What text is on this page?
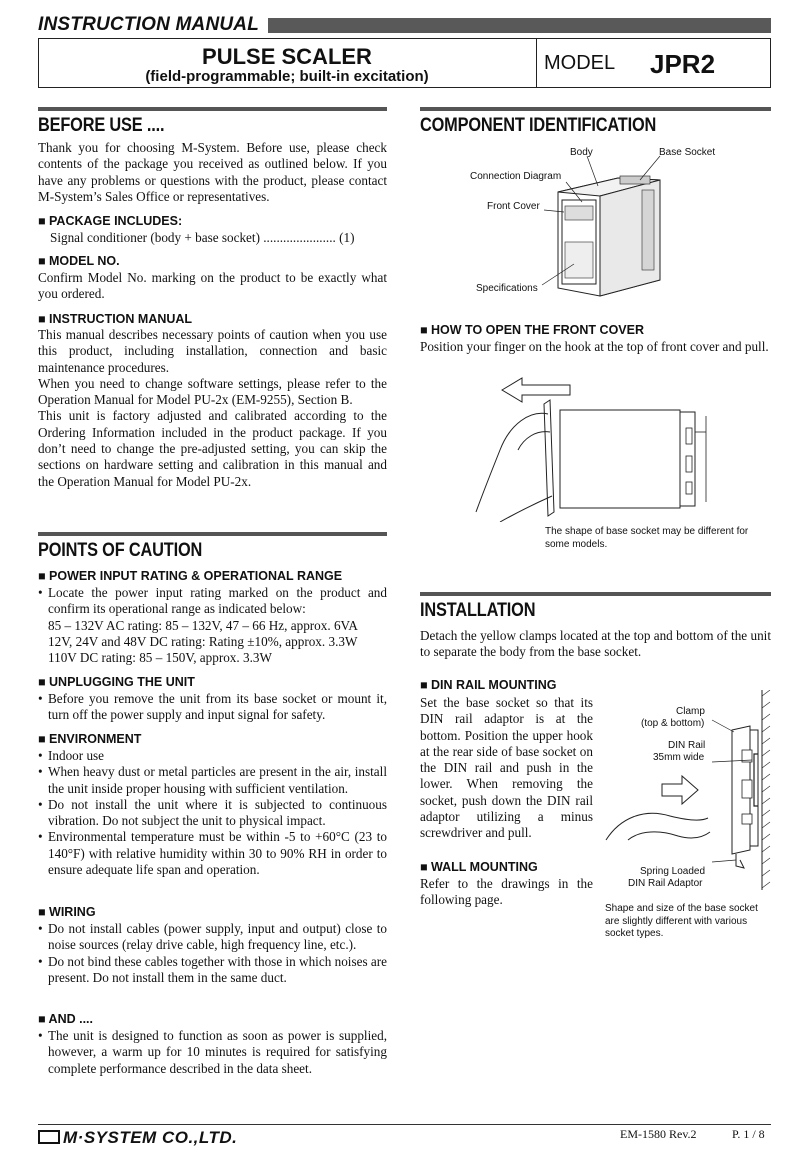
INSTRUCTION MANUAL
PULSE SCALER
(field-programmable; built-in excitation)
MODEL JPR2
BEFORE USE ....
Thank you for choosing M-System. Before use, please check contents of the package you received as outlined below. If you have any problems or questions with the product, please contact M-System’s Sales Office or representatives.
■ PACKAGE INCLUDES:
Signal conditioner (body + base socket) ...................... (1)
■ MODEL NO.
Confirm Model No. marking on the product to be exactly what you ordered.
■ INSTRUCTION MANUAL

This manual describes necessary points of caution when you use this product, including installation, connection and basic maintenance procedures.

When you need to change software settings, please refer to the Operation Manual for Model PU-2x (EM-9255), Section B.

This unit is factory adjusted and calibrated according to the Ordering Information included in the product package. If you don’t need to change the pre-adjusted setting, you can skip the sections on hardware setting and calibration in this manual and the Operation Manual for Model PU-2x.

POINTS OF CAUTION
■ POWER INPUT RATING & OPERATIONAL RANGE

• Locate the power input rating marked on the product and confirm its operational range as indicated below:

85 – 132V AC rating: 85 – 132V, 47 – 66 Hz, approx. 6VA

12V, 24V and 48V DC rating: Rating ±10%, approx. 3.3W

110V DC rating: 85 – 150V, approx. 3.3W

■ UNPLUGGING THE UNIT

• Before you remove the unit from its base socket or mount it, turn off the power supply and input signal for safety.

■ ENVIRONMENT

• Indoor use

• When heavy dust or metal particles are present in the air, install the unit inside proper housing with sufficient ventilation.

• Do not install the unit where it is subjected to continuous vibration. Do not subject the unit to physical impact.

• Environmental temperature must be within -5 to +60°C (23 to 140°F) with relative humidity within 30 to 90% RH in order to ensure adequate life span and operation.

■ WIRING

• Do not install cables (power supply, input and output) close to noise sources (relay drive cable, high frequency line, etc.).

• Do not bind these cables together with those in which noises are present. Do not install them in the same duct.

■ AND ....

• The unit is designed to function as soon as power is supplied, however, a warm up for 10 minutes is required for satisfying complete performance described in the data sheet.

COMPONENT IDENTIFICATION
Body	Base Socket
Connection Diagram
Front Cover
Specifications
■ HOW TO OPEN THE FRONT COVER
Position your finger on the hook at the top of front cover and pull.
The shape of base socket may be different for some models.
INSTALLATION
Detach the yellow clamps located at the top and bottom of the unit to separate the body from the base socket.
■ DIN RAIL MOUNTING
Set the base socket so that its DIN rail adaptor is at the bottom. Position the upper hook at the rear side of base socket on the DIN rail and push in the lower. When removing the socket, push down the DIN rail adaptor utilizing a minus screwdriver and pull.
■ WALL MOUNTING
Refer to the drawings in the following page.
Clamp
(top & bottom)
DIN Rail
35mm wide
Spring Loaded
DIN Rail Adaptor
Shape and size of the base socket are slightly different with various socket types.
M·SYSTEM CO.,LTD.	EM-1580 Rev.2	P. 1 / 8
